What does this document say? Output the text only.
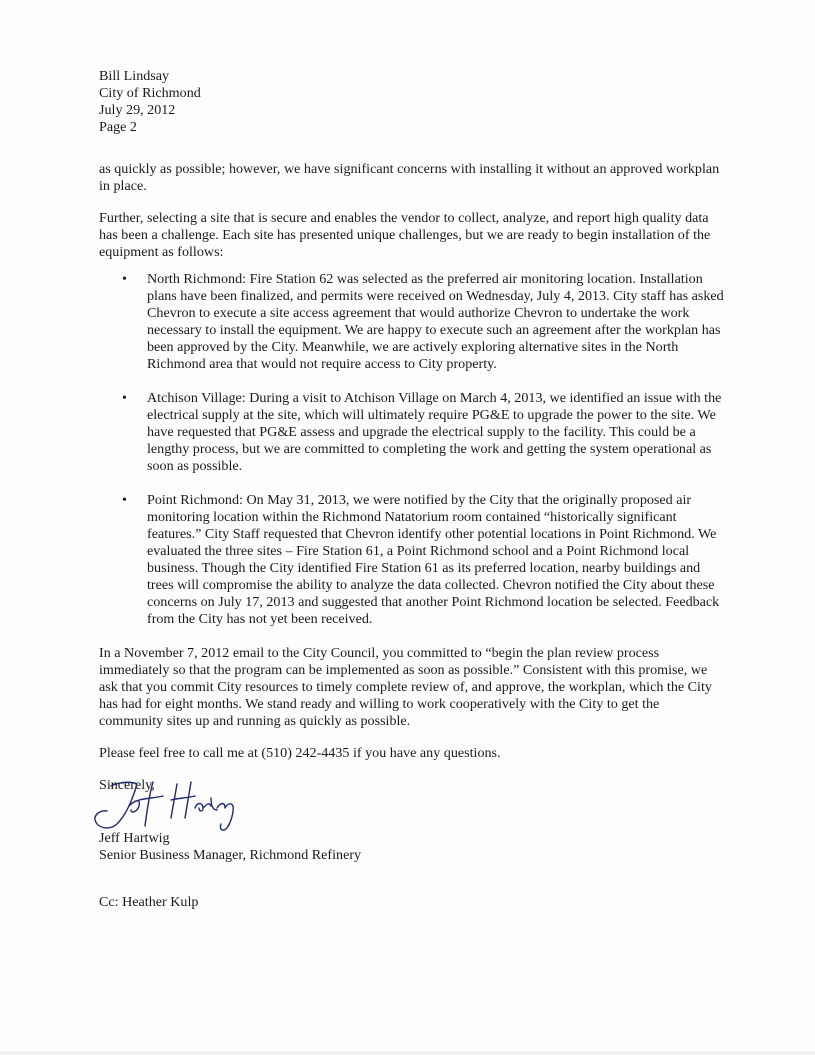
Bill Lindsay
City of Richmond
July 29, 2012
Page 2

as quickly as possible; however, we have significant concerns with installing it without an approved workplan in place.

Further, selecting a site that is secure and enables the vendor to collect, analyze, and report high quality data has been a challenge. Each site has presented unique challenges, but we are ready to begin installation of the equipment as follows:

• North Richmond: Fire Station 62 was selected as the preferred air monitoring location. Installation plans have been finalized, and permits were received on Wednesday, July 4, 2013. City staff has asked Chevron to execute a site access agreement that would authorize Chevron to undertake the work necessary to install the equipment. We are happy to execute such an agreement after the workplan has been approved by the City. Meanwhile, we are actively exploring alternative sites in the North Richmond area that would not require access to City property.
• Atchison Village: During a visit to Atchison Village on March 4, 2013, we identified an issue with the electrical supply at the site, which will ultimately require PG&E to upgrade the power to the site. We have requested that PG&E assess and upgrade the electrical supply to the facility. This could be a lengthy process, but we are committed to completing the work and getting the system operational as soon as possible.
• Point Richmond: On May 31, 2013, we were notified by the City that the originally proposed air monitoring location within the Richmond Natatorium room contained “historically significant features.” City Staff requested that Chevron identify other potential locations in Point Richmond. We evaluated the three sites – Fire Station 61, a Point Richmond school and a Point Richmond local business. Though the City identified Fire Station 61 as its preferred location, nearby buildings and trees will compromise the ability to analyze the data collected. Chevron notified the City about these concerns on July 17, 2013 and suggested that another Point Richmond location be selected. Feedback from the City has not yet been received.

In a November 7, 2012 email to the City Council, you committed to “begin the plan review process immediately so that the program can be implemented as soon as possible.” Consistent with this promise, we ask that you commit City resources to timely complete review of, and approve, the workplan, which the City has had for eight months. We stand ready and willing to work cooperatively with the City to get the community sites up and running as quickly as possible.

Please feel free to call me at (510) 242-4435 if you have any questions.

Sincerely,
Jeff Hartwig
Senior Business Manager, Richmond Refinery
Cc: Heather Kulp
